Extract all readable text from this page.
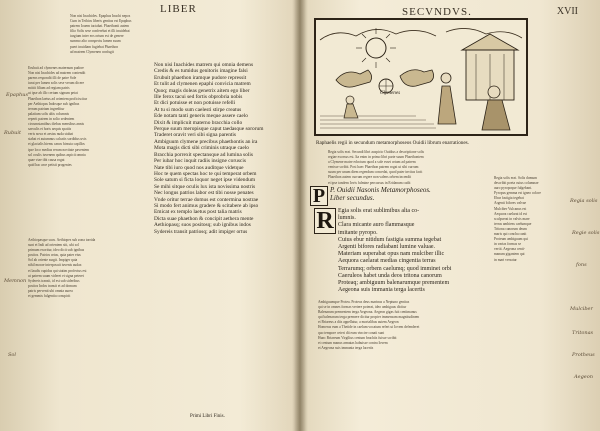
LIBER
Non nisi Inachides. Epaphus Inachi nepos
Cum in Tethios liberis genitus est Epaphus
patrem Iouem iactabat. Phaethonti autem
filio Solis sese conferebat et illi inuidebat
iurgium inter eos ortum est de genere
summo alto conspectu lumen suum
pueri inuidiam fugiebat Phaethon
ad matrem Clymenen confugit
Erubuit ad clymenes maternum pudore
Non nisi Inachides ad matrem contendit
parens respondit illi de patre Sole
iurat per lumen solis sese verum dicere
mittit filium ad regiam patris
ut ipse ab illo certum signum petat
Phaethon laetus ad orientem proficiscitur
per Aethiopas Indosque sub ignibus
terram patriam ingreditur
palatium solis altis columnis
reperit patrem in solio sedentem
circumstantibus diebus mensibus annis
saeculis et horis aequis spatiis
veris nova et aestas nuda stabat
stabat et autumnus calcatis sordidus uvis
et glacialis hiems canos hirsuta capillos
ipse loco medius rerum novitate paventem
sol oculis iuvenem quibus aspicit omnia
quae viae tibi causa rogat
quid hac arce petisti progenies
Non nisi Inachides matrem qui omnia demens
Credis & es tumidus genitoris imagine falsi
Erubuit phaethon iramque pudore repressit
Et tulit ad clymenen epaphi convicia matrem
Quoq; magis doleas genetrix aitem ego liber
Ille ferox tacui sed fortis obprobria nobis
Et dici potuisse et non potuisse refelli
At tu si modo sum caelesti stirpe creatus
Ede notam tanti generis meque assere caelo
Dixit & implicuit materno bracchia collo
Perque suum meropisque caput taedasque sororum
Traderet oravit veri sibi signa parentis
Ambiguum clymene precibus phaethontis an ira
Mota magis dicti sibi criminis utraque caelo
Bracchia porrexit spectansque ad lumina solis
Per iubar hoc inquit radiis insigne coruscis
Nate tibi iuro quod nos auditque videtque
Hoc te quem spectas hoc te qui temperat orbem
Sole satum si ficta loquor neget ipse videndum
Se mihi sitque oculis lux ista novissima nostris
Nec longus patrios labor est tibi nosse penates
Vnde oritur terrae domus est contermina nostrae
Si modo fert animus gradere & scitabere ab ipso
Emicat ex templo laetus post talia matris
Dicta suae phaethon & concipit aethera mente
Aethiopasq; suos positosq; sub ignibus indos
Sydereis transit patriosq; adit impiger ortus
Aethiopasque suos. Aethiopes sub zona torrida
sunt et Indi ad orientem siti, ubi sol
primum exoritur, ideo dicit sub ignibus
positos. Patrios ortus, quia pater eius
Sol ab oriente surgit. Impiger quia
nihil morae interposuit iuvenis audax
et laudis cupidus qui statim profectus est
ut patrem suum videret et signa peteret
Sydereis transit, id est sub sideribus
positos Indos transit et ad domum
patris pervenit ubi omnia aurea
et gemmis fulgentia conspicit
Epaphus
Rubuit
Memnon
Sol
Primi Libri Finis.
SECVNDVS.	XVII
Clymenes
Raphaelis regii in secundum metamorphoseos Ouidii librum enarrationes.
Regia solis erat. Secundi libri auspicio Ouidius a descriptione solis
regiae exorsus est. Ita enim in primo libri parte suum Phaethontem
a Clymene matre edoctum quod a sole esset ortum ad patrem
venisse scribit. Post haec Phaethon patrem rogat ut sibi currum
suum per unum diem regendum concedat, quod pater invitus facit
Phaethon autem currum regere non valens orbem incendit
et ipse tandem Iovis fulmine percussus in Eridanum cadit
P P. Ouidii Nasonis Metamorphoseos.
Liber secundus.
R Egia solis erat sublimibus alta co-
lumnis.
Clara micante auro flammasque
imitante pyropo.
Cuius ebur nitidum fastigia summa tegebat
Argenti bifores radiabant lumine valuae.
Materiam superabat opus nam mulciber illic
Aequora caelarat medias cingentia terras
Terrarumq; orbem caelumq; quod imminet orbi
Caeruleos habet unda deos tritona canorum
Proteaq; ambiguum balenarumque prementem
Aegeona suis immania terga lacertis
Regia solis erat. Solis domum
describit poeta cuius columnae
auro pyropoque fulgebant.
Pyropus gemma est igneo colore
Ebur fastigia tegebat
Argenti bifores valvae
Mulciber Vulcanus est
Aequora caelarat id est
sculpserat in valvis mare
terras ambiens caelumque
Tritona canorum deum
maris qui concha canit
Proteum ambiguum qui
in varias formas se
vertit. Aegeona centi-
manum gigantem qui
in mari versatur
Ambiguumque Protea. Proteus deus marinus a Neptuno genitus
qui se in omnes formas vertere poterat, ideo ambiguus dicitur
Balenarum prementem terga Aegeona. Aegeon gigas fuit centimanus
qui balenarum terga premere dicitur propter immensam magnitudinem
et Briareus a diis appellatur, a mortalibus autem Aegeon
Homerus eum a Thetide in caelum vocatum refert ut Iovem defenderet
quo tempore ceteri dii eum vincire conati sunt
Hunc Briareum Virgilius centum brachiis fuisse scribit
et centum manus armatas habuisse contra Iovem
et Aegeona suis immania terga lacertis
Regia solis
Regie solis
fons
Mulciber
Tritonas
Protheus
Aegeon
